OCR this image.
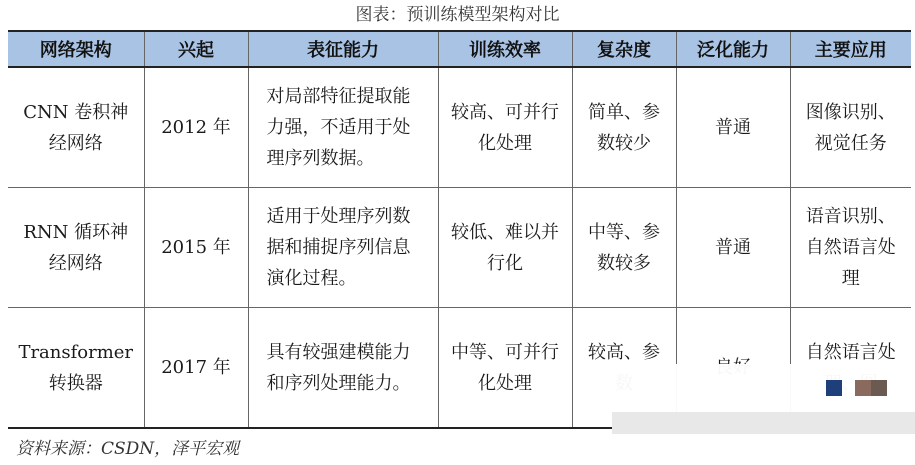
图表：预训练模型架构对比
网络架构	兴起	表征能力	训练效率	复杂度	泛化能力	主要应用
CNN 卷积神经网络	2012 年	对局部特征提取能力强，不适用于处理序列数据。	较高、可并行化处理	简单、参数较少	普通	图像识别、视觉任务
RNN 循环神经网络	2015 年	适用于处理序列数据和捕捉序列信息演化过程。	较低、难以并行化	中等、参数较多	普通	语音识别、自然语言处理
Transformer 转换器	2017 年	具有较强建模能力和序列处理能力。	中等、可并行化处理	较高、参		自然语言处
资料来源：CSDN，泽平宏观
